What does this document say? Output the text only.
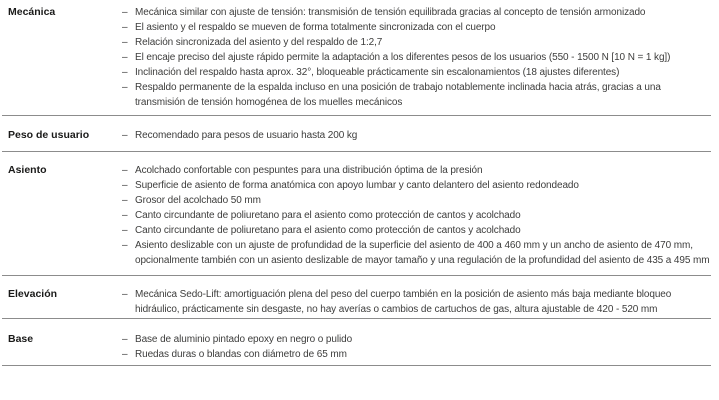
Mecánica	– Mecánica similar con ajuste de tensión: transmisión de tensión equilibrada gracias al concepto de tensión armonizado
– El asiento y el respaldo se mueven de forma totalmente sincronizada con el cuerpo
– Relación sincronizada del asiento y del respaldo de 1:2,7
– El encaje preciso del ajuste rápido permite la adaptación a los diferentes pesos de los usuarios (550 - 1500 N [10 N = 1 kg])
– Inclinación del respaldo hasta aprox. 32°, bloqueable prácticamente sin escalonamientos (18 ajustes diferentes)
– Respaldo permanente de la espalda incluso en una posición de trabajo notablemente inclinada hacia atrás, gracias a una transmisión de tensión homogénea de los muelles mecánicos
Peso de usuario	– Recomendado para pesos de usuario hasta 200 kg
Asiento	– Acolchado confortable con pespuntes para una distribución óptima de la presión
– Superficie de asiento de forma anatómica con apoyo lumbar y canto delantero del asiento redondeado
– Grosor del acolchado 50 mm
– Canto circundante de poliuretano para el asiento como protección de cantos y acolchado
– Canto circundante de poliuretano para el asiento como protección de cantos y acolchado
– Asiento deslizable con un ajuste de profundidad de la superficie del asiento de 400 a 460 mm y un ancho de asiento de 470 mm, opcionalmente también con un asiento deslizable de mayor tamaño y una regulación de la profundidad del asiento de 435 a 495 mm
Elevación	– Mecánica Sedo-Lift: amortiguación plena del peso del cuerpo también en la posición de asiento más baja mediante bloqueo hidráulico, prácticamente sin desgaste, no hay averías o cambios de cartuchos de gas, altura ajustable de 420 - 520 mm
Base	– Base de aluminio pintado epoxy en negro o pulido
– Ruedas duras o blandas con diámetro de 65 mm
